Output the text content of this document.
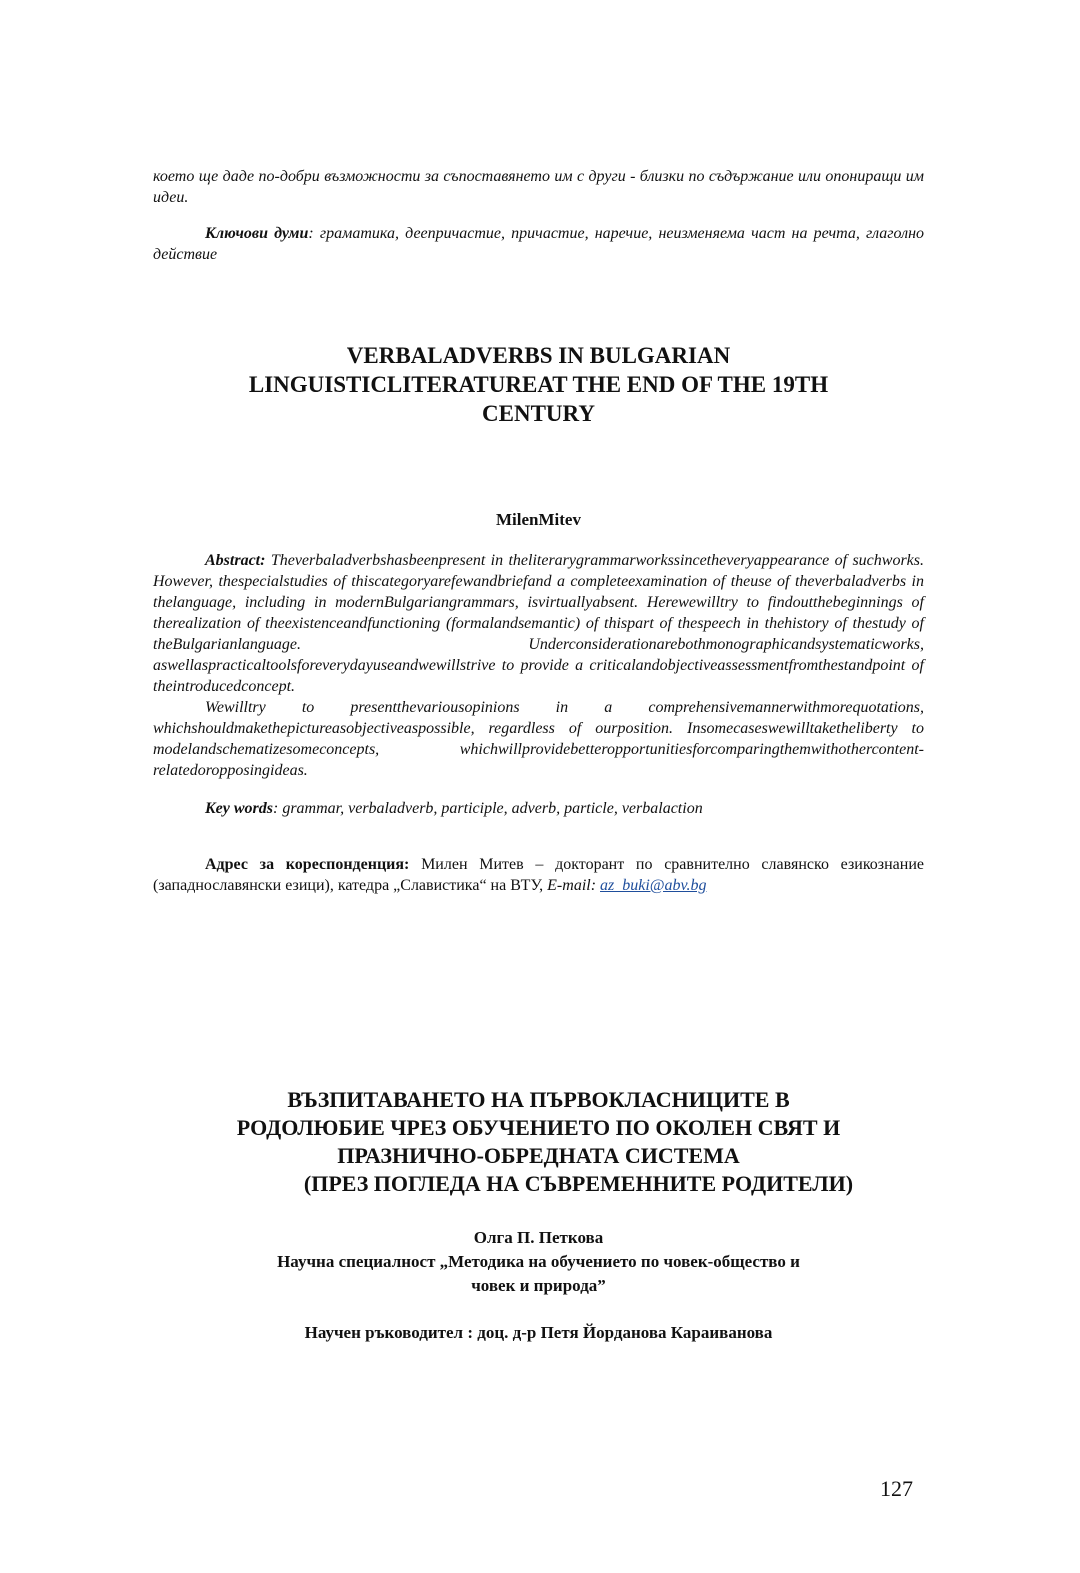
което ще даде по-добри възможности за съпоставянето им с други - близки по съдържание или опониращи им идеи.

Ключови думи: граматика, деепричастие, причастие, наречие, неизменяема част на речта, глаголно действие

VERBALADVERBS IN BULGARIAN
LINGUISTICLITERATUREAT THE END OF THE 19TH
CENTURY
MilenMitev

Abstract: Theverbaladverbshasbeenpresent in theliterarygrammarworkssincetheveryappearance of suchworks. However, thespecialstudies of thiscategoryarefewandbriefand a completeexamination of theuse of theverbaladverbs in thelanguage, including in modernBulgariangrammars, isvirtuallyabsent. Herewewilltry to findoutthebeginnings of therealization of theexistenceandfunctioning (formalandsemantic) of thispart of thespeech in thehistory of thestudy of theBulgarianlanguage. Underconsiderationarebothmonographicandsystematicworks, aswellaspracticaltoolsforeverydayuseandwewillstrive to provide a criticalandobjectiveassessmentfromthestandpoint of theintroducedconcept.

Wewilltry to presentthevariousopinions in a comprehensivemannerwithmorequotations, whichshouldmakethepictureasobjectiveaspossible, regardless of ourposition. Insomecaseswewilltaketheliberty to modelandschematizesomeconcepts, whichwillprovidebetteropportunitiesforcomparingthemwithothercontent-relatedoropposingideas.

Key words: grammar, verbaladverb, participle, adverb, particle, verbalaction

Адрес за кореспонденция: Милен Митев – докторант по сравнително славянско езикознание (западнославянски езици), катедра „Славистика“ на ВТУ, E-mail: az_buki@abv.bg

ВЪЗПИТАВАНЕТО НА ПЪРВОКЛАСНИЦИТЕ В
РОДОЛЮБИЕ ЧРЕЗ ОБУЧЕНИЕТО ПО ОКОЛЕН СВЯТ И
ПРАЗНИЧНО-ОБРЕДНАТА СИСТЕМА
(ПРЕЗ ПОГЛЕДА НА СЪВРЕМЕННИТЕ РОДИТЕЛИ)
Олга П. Петкова
Научна специалност „Методика на обучението по човек-общество и
човек и природа”
Научен ръководител : доц. д-р Петя Йорданова Караиванова
127
